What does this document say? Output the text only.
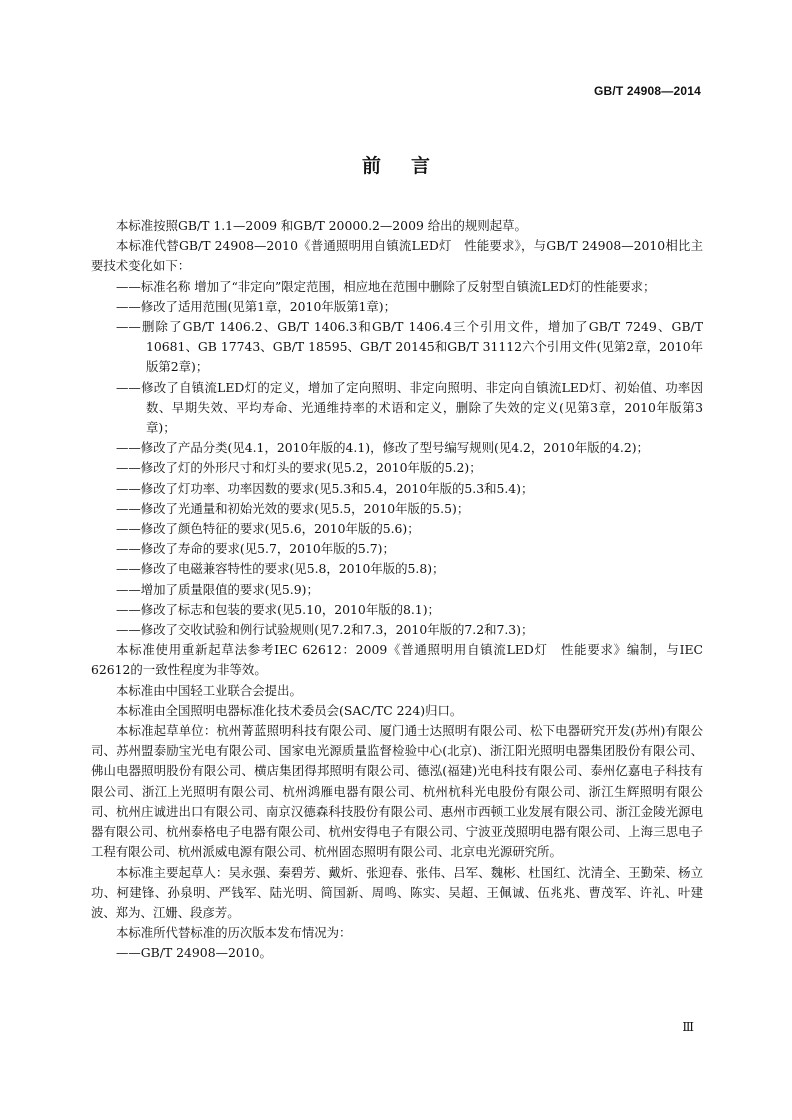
GB/T 24908—2014
前言

本标准按照GB/T 1.1—2009 和GB/T 20000.2—2009 给出的规则起草。

本标准代替GB/T 24908—2010《普通照明用自镇流LED灯　性能要求》，与GB/T 24908—2010相比主要技术变化如下：

——标准名称 增加了“非定向”限定范围，相应地在范围中删除了反射型自镇流LED灯的性能要求；

——修改了适用范围(见第1章，2010年版第1章)；

——删除了GB/T 1406.2、GB/T 1406.3和GB/T 1406.4三个引用文件，增加了GB/T 7249、GB/T 10681、GB 17743、GB/T 18595、GB/T 20145和GB/T 31112六个引用文件(见第2章，2010年版第2章)；

——修改了自镇流LED灯的定义，增加了定向照明、非定向照明、非定向自镇流LED灯、初始值、功率因数、早期失效、平均寿命、光通维持率的术语和定义，删除了失效的定义(见第3章，2010年版第3章)；

——修改了产品分类(见4.1，2010年版的4.1)，修改了型号编写规则(见4.2，2010年版的4.2)；

——修改了灯的外形尺寸和灯头的要求(见5.2，2010年版的5.2)；

——修改了灯功率、功率因数的要求(见5.3和5.4，2010年版的5.3和5.4)；

——修改了光通量和初始光效的要求(见5.5，2010年版的5.5)；

——修改了颜色特征的要求(见5.6，2010年版的5.6)；

——修改了寿命的要求(见5.7，2010年版的5.7)；

——修改了电磁兼容特性的要求(见5.8，2010年版的5.8)；

——增加了质量限值的要求(见5.9)；

——修改了标志和包装的要求(见5.10，2010年版的8.1)；

——修改了交收试验和例行试验规则(见7.2和7.3，2010年版的7.2和7.3)；

本标准使用重新起草法参考IEC 62612：2009《普通照明用自镇流LED灯　性能要求》编制，与IEC 62612的一致性程度为非等效。

本标准由中国轻工业联合会提出。

本标准由全国照明电器标准化技术委员会(SAC/TC 224)归口。

本标准起草单位：杭州菁蓝照明科技有限公司、厦门通士达照明有限公司、松下电器研究开发(苏州)有限公司、苏州盟泰励宝光电有限公司、国家电光源质量监督检验中心(北京)、浙江阳光照明电器集团股份有限公司、佛山电器照明股份有限公司、横店集团得邦照明有限公司、德泓(福建)光电科技有限公司、泰州亿嘉电子科技有限公司、浙江上光照明有限公司、杭州鸿雁电器有限公司、杭州杭科光电股份有限公司、浙江生辉照明有限公司、杭州庄诚进出口有限公司、南京汉德森科技股份有限公司、惠州市西顿工业发展有限公司、浙江金陵光源电器有限公司、杭州泰格电子电器有限公司、杭州安得电子有限公司、宁波亚茂照明电器有限公司、上海三思电子工程有限公司、杭州派威电源有限公司、杭州固态照明有限公司、北京电光源研究所。

本标准主要起草人：吴永强、秦碧芳、戴炘、张迎春、张伟、吕军、魏彬、杜国红、沈清全、王勤荣、杨立功、柯建锋、孙泉明、严钱军、陆光明、简国新、周鸣、陈实、吴超、王佩诚、伍兆兆、曹茂军、许礼、叶建波、郑为、江姗、段彦芳。

本标准所代替标准的历次版本发布情况为：

——GB/T 24908—2010。

Ⅲ
